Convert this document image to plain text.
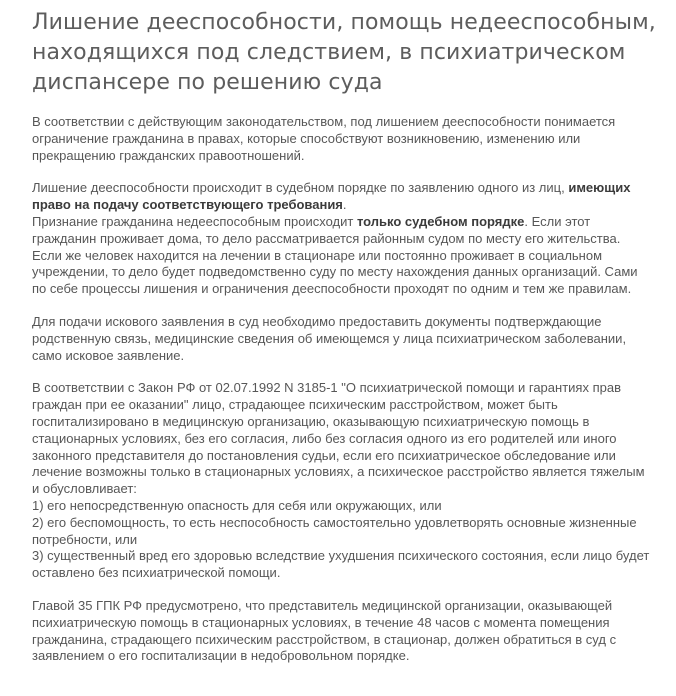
Лишение дееспособности, помощь недееспособным, находящихся под следствием, в психиатрическом диспансере по решению суда

В соответствии с действующим законодательством, под лишением дееспособности понимается ограничение гражданина в правах, которые способствуют возникновению, изменению или прекращению гражданских правоотношений.

Лишение дееспособности происходит в судебном порядке по заявлению одного из лиц, имеющих право на подачу соответствующего требования.

Признание гражданина недееспособным происходит только судебном порядке. Если этот гражданин проживает дома, то дело рассматривается районным судом по месту его жительства. Если же человек находится на лечении в стационаре или постоянно проживает в социальном учреждении, то дело будет подведомственно суду по месту нахождения данных организаций. Сами по себе процессы лишения и ограничения дееспособности проходят по одним и тем же правилам.

Для подачи искового заявления в суд необходимо предоставить документы подтверждающие родственную связь, медицинские сведения об имеющемся у лица психиатрическом заболевании, само исковое заявление.

В соответствии с Закон РФ от 02.07.1992 N 3185-1 "О психиатрической помощи и гарантиях прав граждан при ее оказании" лицо, страдающее психическим расстройством, может быть госпитализировано в медицинскую организацию, оказывающую психиатрическую помощь в стационарных условиях, без его согласия, либо без согласия одного из его родителей или иного законного представителя до постановления судьи, если его психиатрическое обследование или лечение возможны только в стационарных условиях, а психическое расстройство является тяжелым и обусловливает:

1) его непосредственную опасность для себя или окружающих, или

2) его беспомощность, то есть неспособность самостоятельно удовлетворять основные жизненные потребности, или

3) существенный вред его здоровью вследствие ухудшения психического состояния, если лицо будет оставлено без психиатрической помощи.

Главой 35 ГПК РФ предусмотрено, что представитель медицинской организации, оказывающей психиатрическую помощь в стационарных условиях, в течение 48 часов с момента помещения гражданина, страдающего психическим расстройством, в стационар, должен обратиться в суд с заявлением о его госпитализации в недобровольном порядке.
